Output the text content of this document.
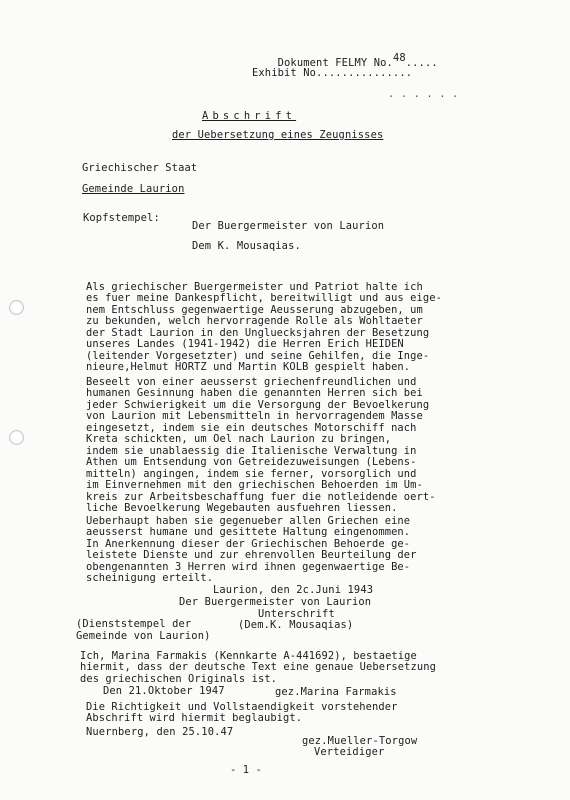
Dokument FELMY No.48.....

Exhibit No...............
. . . . . .
Abschrift
der Uebersetzung eines Zeugnisses
Griechischer Staat
Gemeinde Laurion
Kopfstempel:
Der Buergermeister von Laurion
Dem K. Mousaqias.
Als griechischer Buergermeister und Patriot halte ich
es fuer meine Dankespflicht, bereitwilligt und aus eige-
nem Entschluss gegenwaertige Aeusserung abzugeben, um
zu bekunden, welch hervorragende Rolle als Wohltaeter
der Stadt Laurion in den Ungluecksjahren der Besetzung
unseres Landes (1941-1942) die Herren Erich HEIDEN
(leitender Vorgesetzter) und seine Gehilfen, die Inge-
nieure,Helmut HORTZ und Martin KOLB gespielt haben.
Beseelt von einer aeusserst griechenfreundlichen und
humanen Gesinnung haben die genannten Herren sich bei
jeder Schwierigkeit um die Versorgung der Bevoelkerung
von Laurion mit Lebensmitteln in hervorragendem Masse
eingesetzt, indem sie ein deutsches Motorschiff nach
Kreta schickten, um Oel nach Laurion zu bringen,
indem sie unablaessig die Italienische Verwaltung in
Athen um Entsendung von Getreidezuweisungen (Lebens-
mitteln) angingen, indem sie ferner, vorsorglich und
im Einvernehmen mit den griechischen Behoerden im Um-
kreis zur Arbeitsbeschaffung fuer die notleidende oert-
liche Bevoelkerung Wegebauten ausfuehren liessen.
Ueberhaupt haben sie gegenueber allen Griechen eine
aeusserst humane und gesittete Haltung eingenommen.
In Anerkennung dieser der Griechischen Behoerde ge-
leistete Dienste und zur ehrenvollen Beurteilung der
obengenannten 3 Herren wird ihnen gegenwaertige Be-
scheinigung erteilt.
Laurion, den 2c.Juni 1943
Der Buergermeister von Laurion
Unterschrift
(Dienststempel der	(Dem.K. Mousaqias)
Gemeinde von Laurion)
Ich, Marina Farmakis (Kennkarte A-441692), bestaetige
hiermit, dass der deutsche Text eine genaue Uebersetzung
des griechischen Originals ist.
Den 21.Oktober 1947	gez.Marina Farmakis
Die Richtigkeit und Vollstaendigkeit vorstehender
Abschrift wird hiermit beglaubigt.
Nuernberg, den 25.10.47
gez.Mueller-Torgow
Verteidiger
- 1 -
